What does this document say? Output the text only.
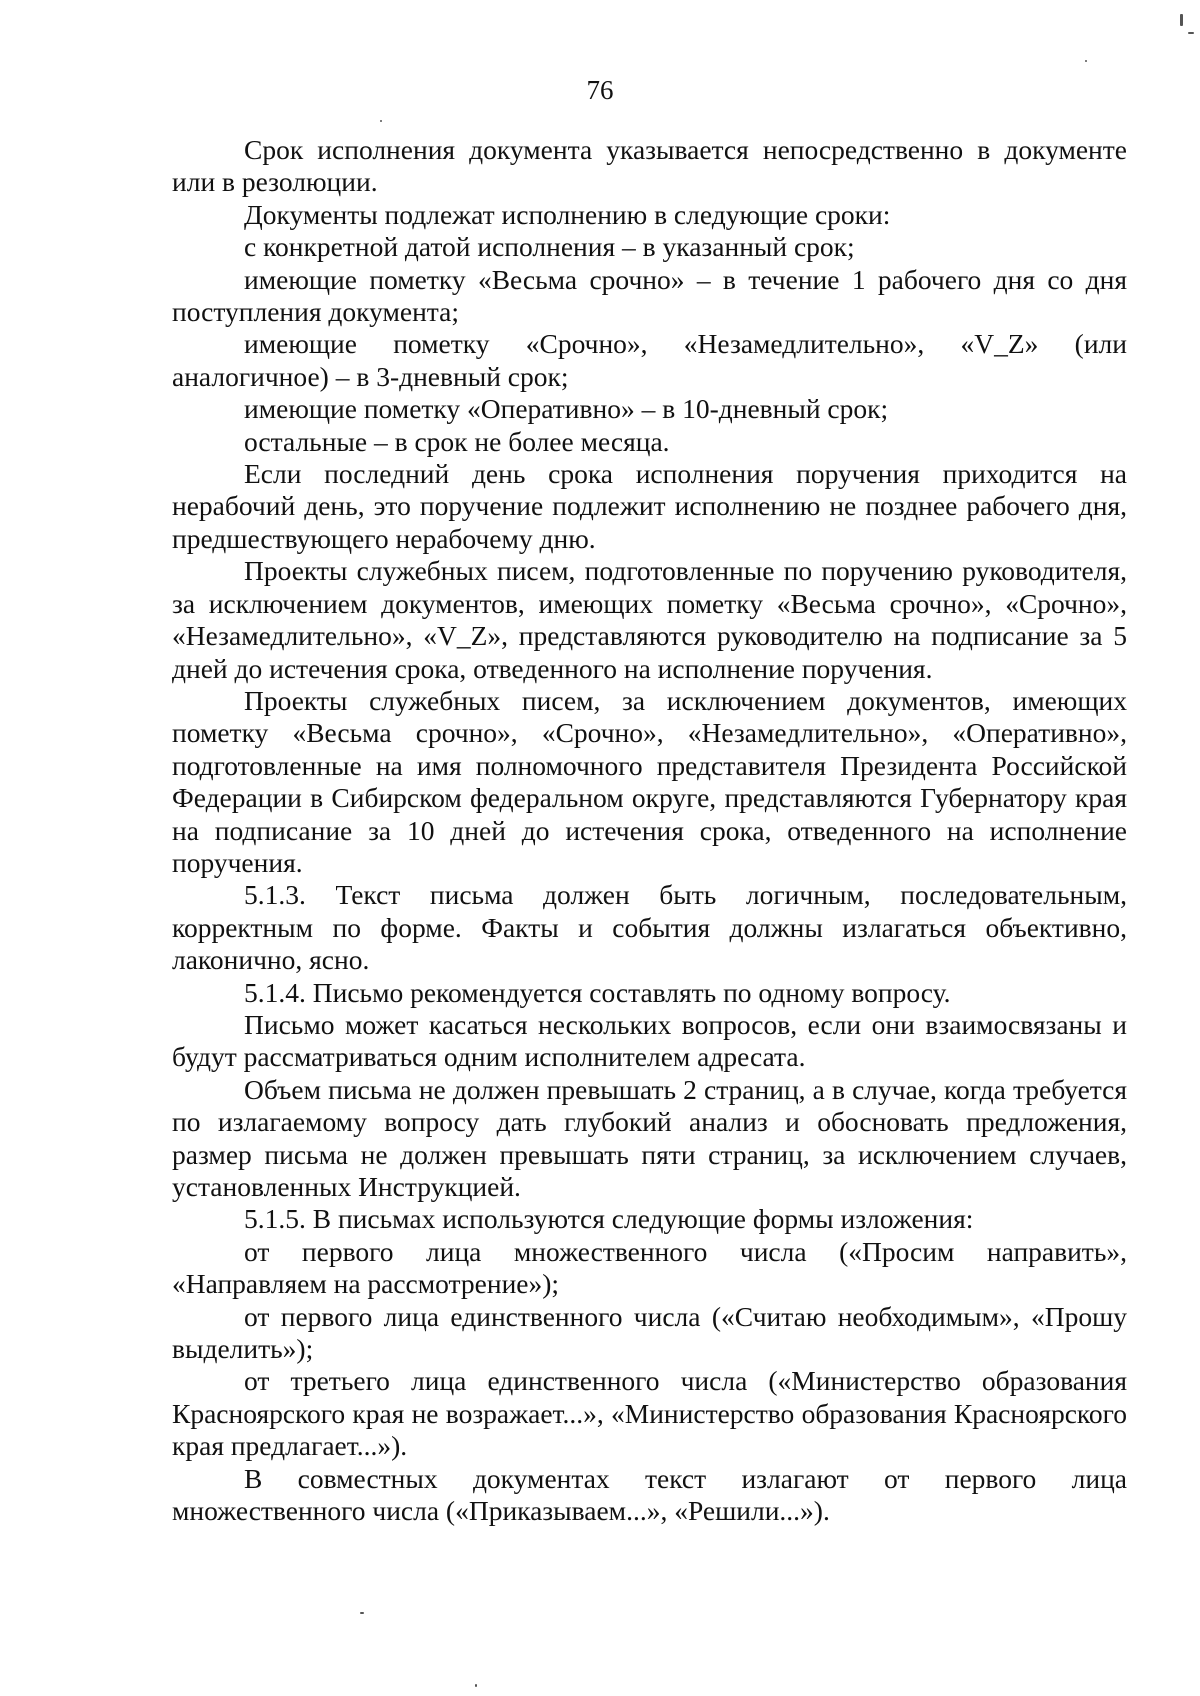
76

Срок исполнения документа указывается непосредственно в документе или в резолюции.

Документы подлежат исполнению в следующие сроки:

с конкретной датой исполнения – в указанный срок;

имеющие пометку «Весьма срочно» – в течение 1 рабочего дня со дня поступления документа;

имеющие пометку «Срочно», «Незамедлительно», «V_Z» (или аналогичное) – в 3-дневный срок;

имеющие пометку «Оперативно» – в 10-дневный срок;

остальные – в срок не более месяца.

Если последний день срока исполнения поручения приходится на нерабочий день, это поручение подлежит исполнению не позднее рабочего дня, предшествующего нерабочему дню.

Проекты служебных писем, подготовленные по поручению руководителя, за исключением документов, имеющих пометку «Весьма срочно», «Срочно», «Незамедлительно», «V_Z», представляются руководителю на подписание за 5 дней до истечения срока, отведенного на исполнение поручения.

Проекты служебных писем, за исключением документов, имеющих пометку «Весьма срочно», «Срочно», «Незамедлительно», «Оперативно», подготовленные на имя полномочного представителя Президента Российской Федерации в Сибирском федеральном округе, представляются Губернатору края на подписание за 10 дней до истечения срока, отведенного на исполнение поручения.

5.1.3. Текст письма должен быть логичным, последовательным, корректным по форме. Факты и события должны излагаться объективно, лаконично, ясно.

5.1.4. Письмо рекомендуется составлять по одному вопросу.

Письмо может касаться нескольких вопросов, если они взаимосвязаны и будут рассматриваться одним исполнителем адресата.

Объем письма не должен превышать 2 страниц, а в случае, когда требуется по излагаемому вопросу дать глубокий анализ и обосновать предложения, размер письма не должен превышать пяти страниц, за исключением случаев, установленных Инструкцией.

5.1.5. В письмах используются следующие формы изложения:

от первого лица множественного числа («Просим направить», «Направляем на рассмотрение»);

от первого лица единственного числа («Считаю необходимым», «Прошу выделить»);

от третьего лица единственного числа («Министерство образования Красноярского края не возражает...», «Министерство образования Красноярского края предлагает...»).

В совместных документах текст излагают от первого лица множественного числа («Приказываем...», «Решили...»).
